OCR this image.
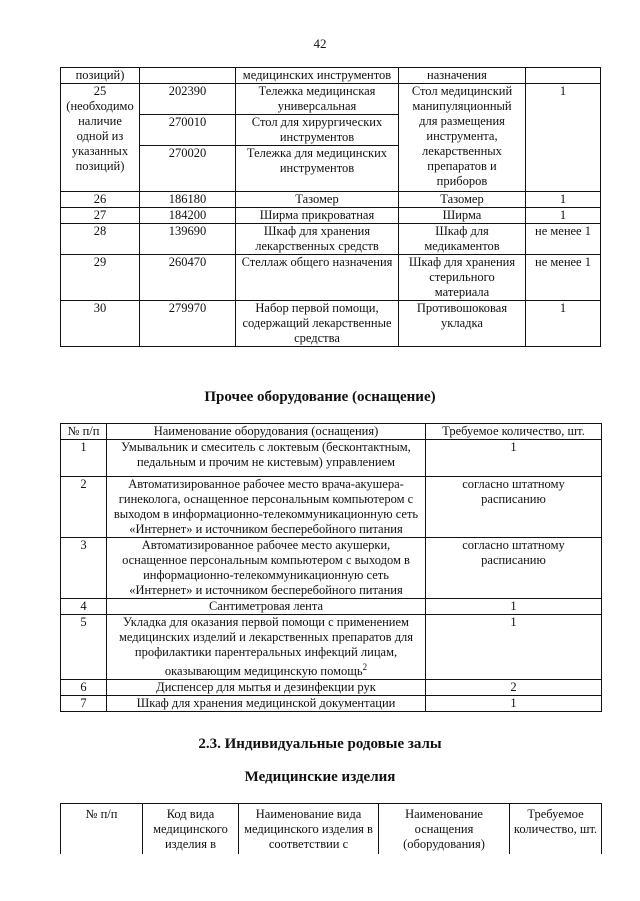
42
позиций)		медицинских инструментов	назначения	
25 (необходимо наличие одной из указанных позиций)	202390	Тележка медицинская универсальная	Стол медицинский манипуляционный для размещения инструмента, лекарственных препаратов и приборов	1
	270010	Стол для хирургических инструментов		
	270020	Тележка для медицинских инструментов		
26	186180	Тазомер	Тазомер	1
27	184200	Ширма прикроватная	Ширма	1
28	139690	Шкаф для хранения лекарственных средств	Шкаф для медикаментов	не менее 1
29	260470	Стеллаж общего назначения	Шкаф для хранения стерильного материала	не менее 1
30	279970	Набор первой помощи, содержащий лекарственные средства	Противошоковая укладка	1
Прочее оборудование (оснащение)
№ п/п	Наименование оборудования (оснащения)	Требуемое количество, шт.
1	Умывальник и смеситель с локтевым (бесконтактным, педальным и прочим не кистевым) управлением	1
2	Автоматизированное рабочее место врача-акушера-гинеколога, оснащенное персональным компьютером с выходом в информационно-телекоммуникационную сеть «Интернет» и источником бесперебойного питания	согласно штатному расписанию
3	Автоматизированное рабочее место акушерки, оснащенное персональным компьютером с выходом в информационно-телекоммуникационную сеть «Интернет» и источником бесперебойного питания	согласно штатному расписанию
4	Сантиметровая лента	1
5	Укладка для оказания первой помощи с применением медицинских изделий и лекарственных препаратов для профилактики парентеральных инфекций лицам, оказывающим медицинскую помощь$^2$	1
6	Диспенсер для мытья и дезинфекции рук	2
7	Шкаф для хранения медицинской документации	1
2.3. Индивидуальные родовые залы
Медицинские изделия
№ п/п	Код вида медицинского изделия в	Наименование вида медицинского изделия в соответствии с	Наименование оснащения (оборудования)	Требуемое количество, шт.
